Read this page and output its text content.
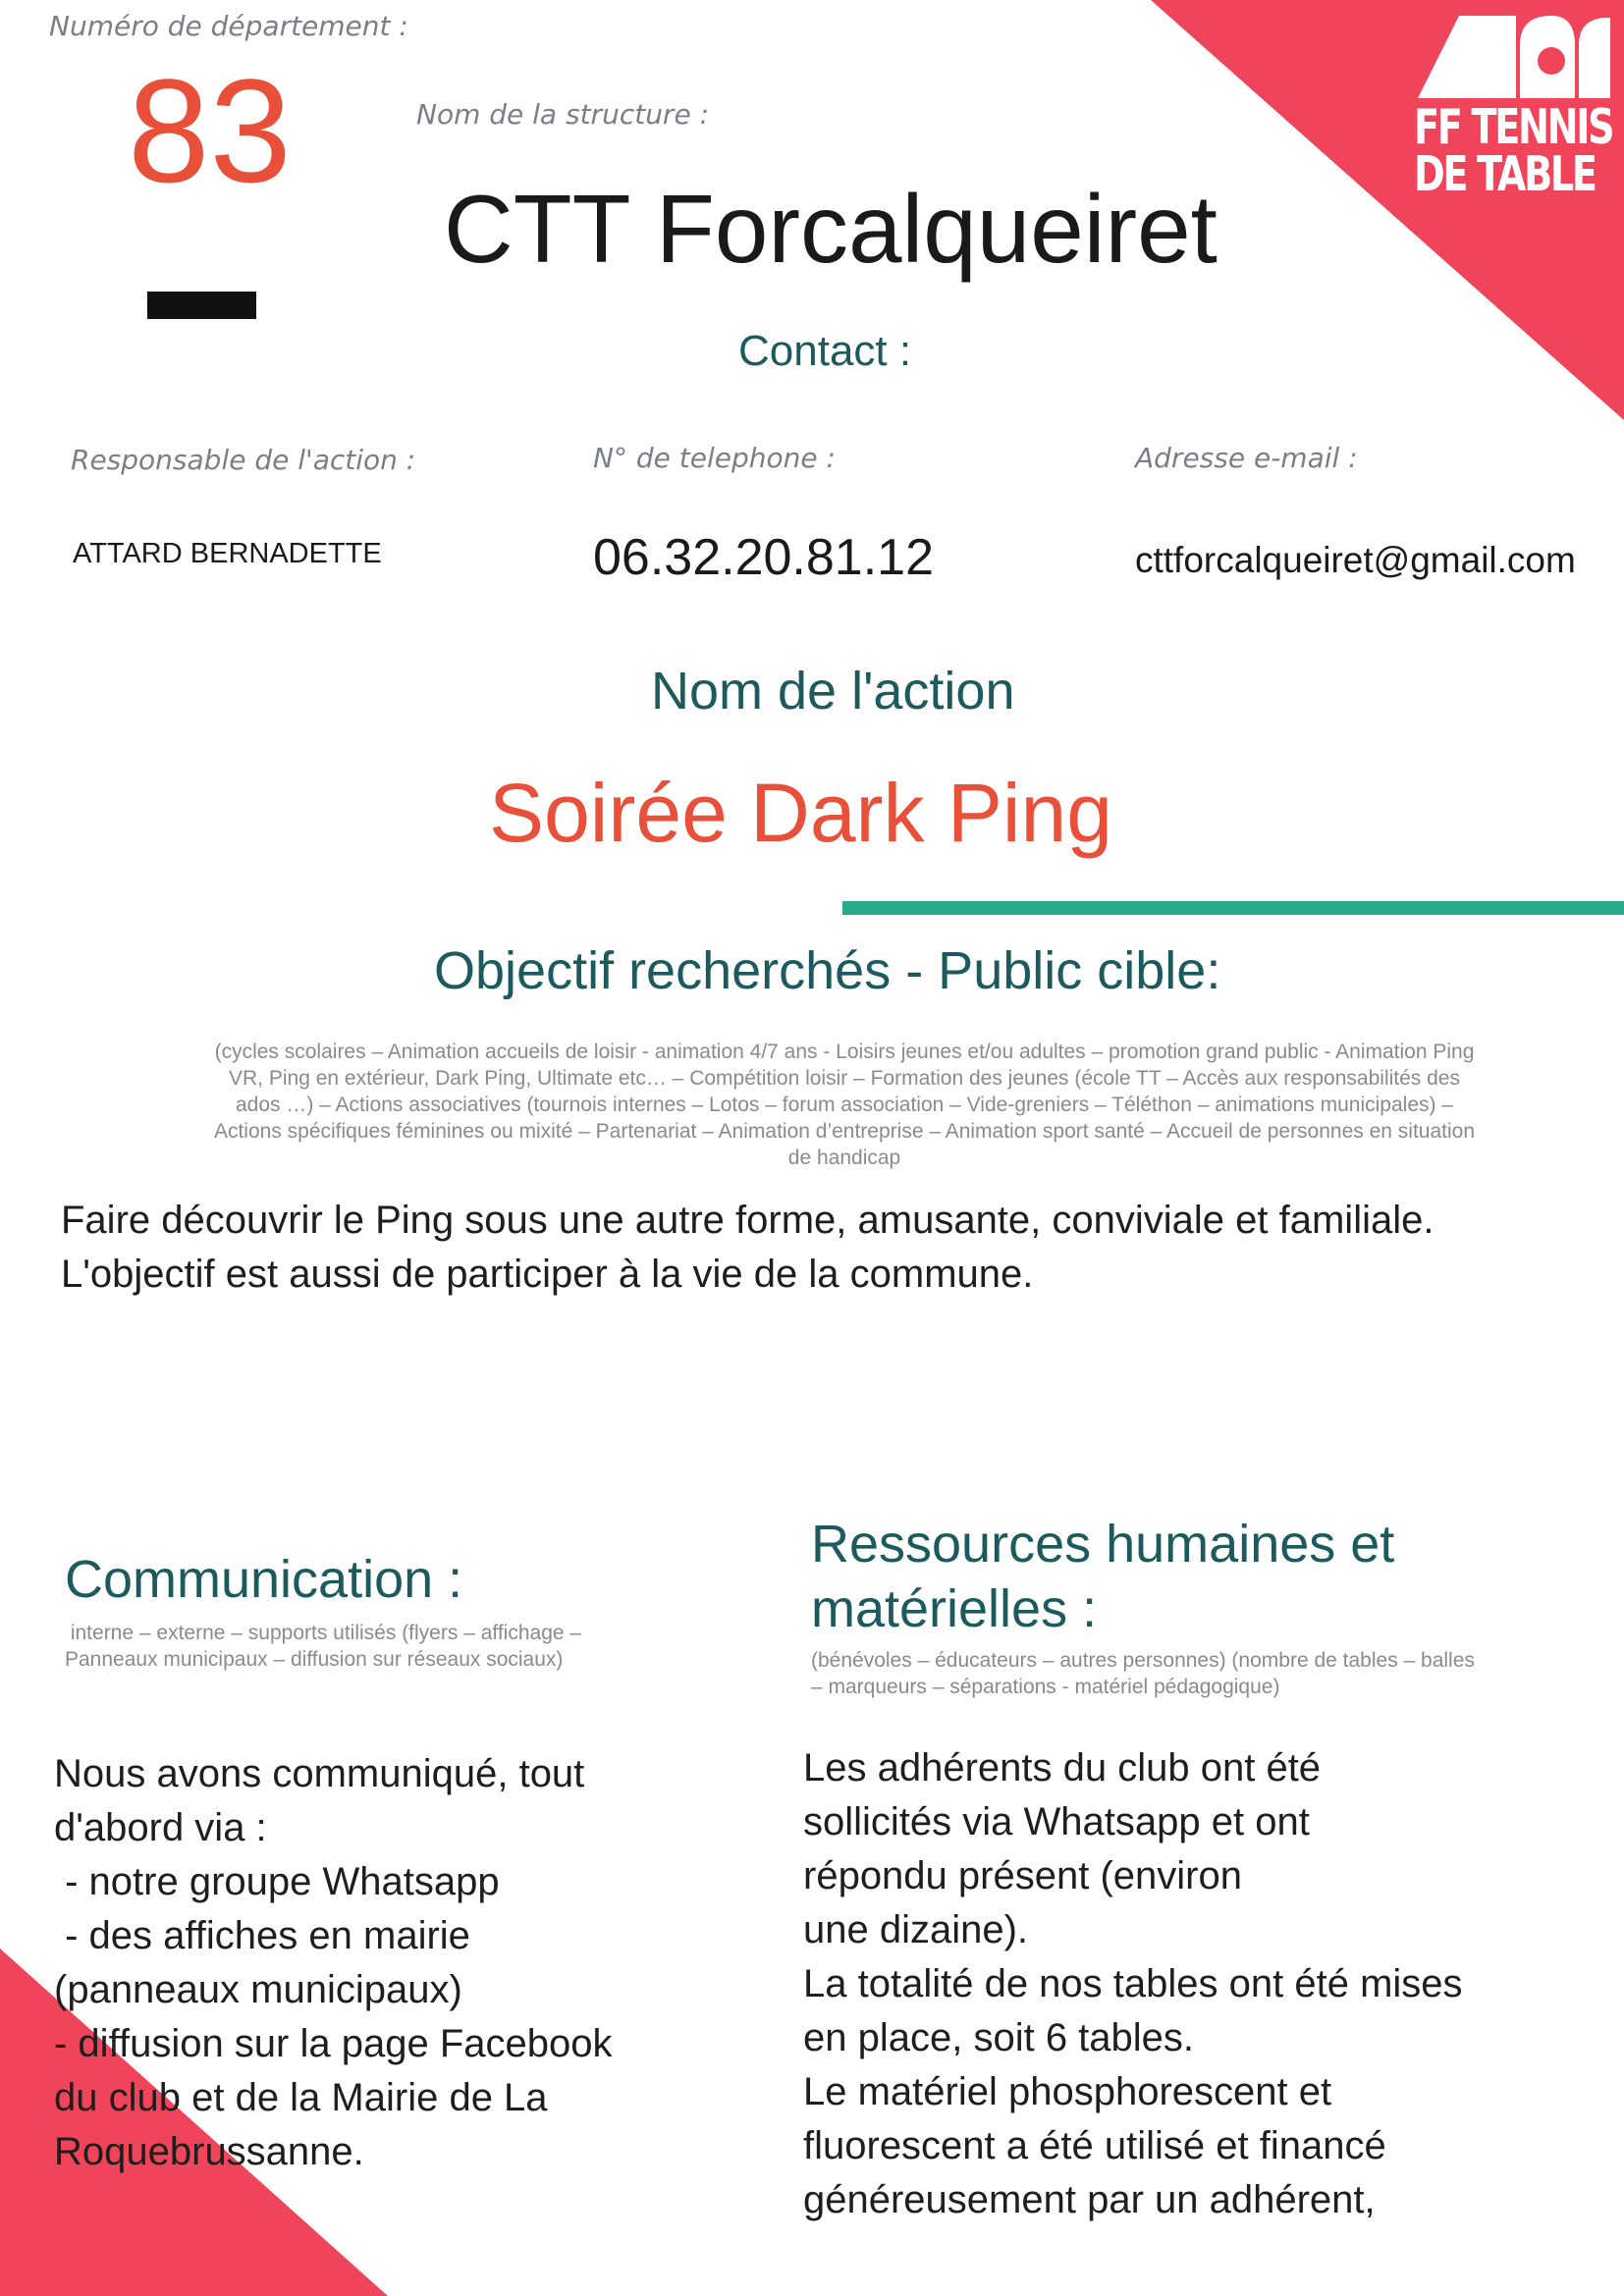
FF TENNIS
DE TABLE
Numéro de département :
83	Nom de la structure :
CTT Forcalqueiret
Contact :
Responsable de l'action :
ATTARD BERNADETTE
N° de telephone :
06.32.20.81.12
Adresse e-mail :
cttforcalqueiret@gmail.com
Nom de l'action
Soirée Dark Ping
Objectif recherchés - Public cible:
(cycles scolaires – Animation accueils de loisir - animation 4/7 ans - Loisirs jeunes et/ou adultes – promotion grand public - Animation Ping
VR, Ping en extérieur, Dark Ping, Ultimate etc… – Compétition loisir – Formation des jeunes (école TT – Accès aux responsabilités des
ados …) – Actions associatives (tournois internes – Lotos – forum association – Vide-greniers – Téléthon – animations municipales) –
Actions spécifiques féminines ou mixité – Partenariat – Animation d’entreprise – Animation sport santé – Accueil de personnes en situation
de handicap
Faire découvrir le Ping sous une autre forme, amusante, conviviale et familiale.
L'objectif est aussi de participer à la vie de la commune.
Communication :
interne – externe – supports utilisés (flyers – affichage –
Panneaux municipaux – diffusion sur réseaux sociaux)
Nous avons communiqué, tout
d'abord via :
- notre groupe Whatsapp
- des affiches en mairie
(panneaux municipaux)
- diffusion sur la page Facebook
du club et de la Mairie de La
Roquebrussanne.
Ressources humaines et
matérielles :
(bénévoles – éducateurs – autres personnes) (nombre de tables – balles
– marqueurs – séparations - matériel pédagogique)
Les adhérents du club ont été
sollicités via Whatsapp et ont
répondu présent (environ
une dizaine).
La totalité de nos tables ont été mises
en place, soit 6 tables.
Le matériel phosphorescent et
fluorescent a été utilisé et financé
généreusement par un adhérent,
